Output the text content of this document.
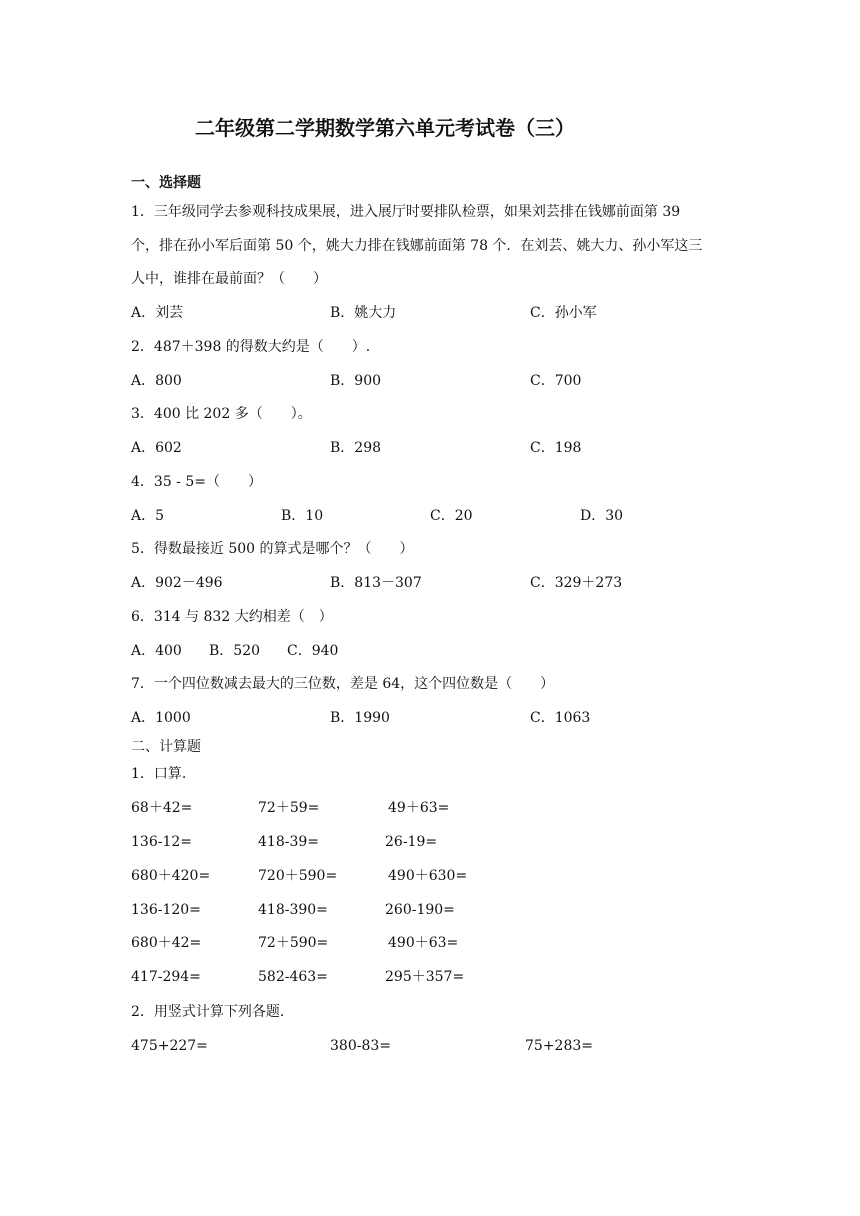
二年级第二学期数学第六单元考试卷（三）
一、选择题
1．三年级同学去参观科技成果展，进入展厅时要排队检票，如果刘芸排在钱娜前面第 39
个，排在孙小军后面第 50 个，姚大力排在钱娜前面第 78 个．在刘芸、姚大力、孙小军这三
人中，谁排在最前面？（　　）
A．刘芸	B．姚大力	C．孙小军
2．487＋398 的得数大约是（　　）.
A．800	B．900	C．700
3．400 比 202 多（　　）。
A．602	B．298	C．198
4．35 - 5=（　　）
A．5	B．10	C．20	D．30
5．得数最接近 500 的算式是哪个？（　　）
A．902－496	B．813－307	C．329＋273
6．314 与 832 大约相差（　）
A．400 B．520 C．940
7．一个四位数减去最大的三位数，差是 64，这个四位数是（　　）
A．1000	B．1990	C．1063
二、计算题
1．口算.
68＋42=	72＋59=	49＋63=
136-12=	418-39=	26-19=
680＋420=	720＋590=	490＋630=
136-120=	418-390=	260-190=
680＋42=	72＋590=	490＋63=
417-294=	582-463=	295＋357=
2．用竖式计算下列各题.
475+227=	380-83=	75+283=
